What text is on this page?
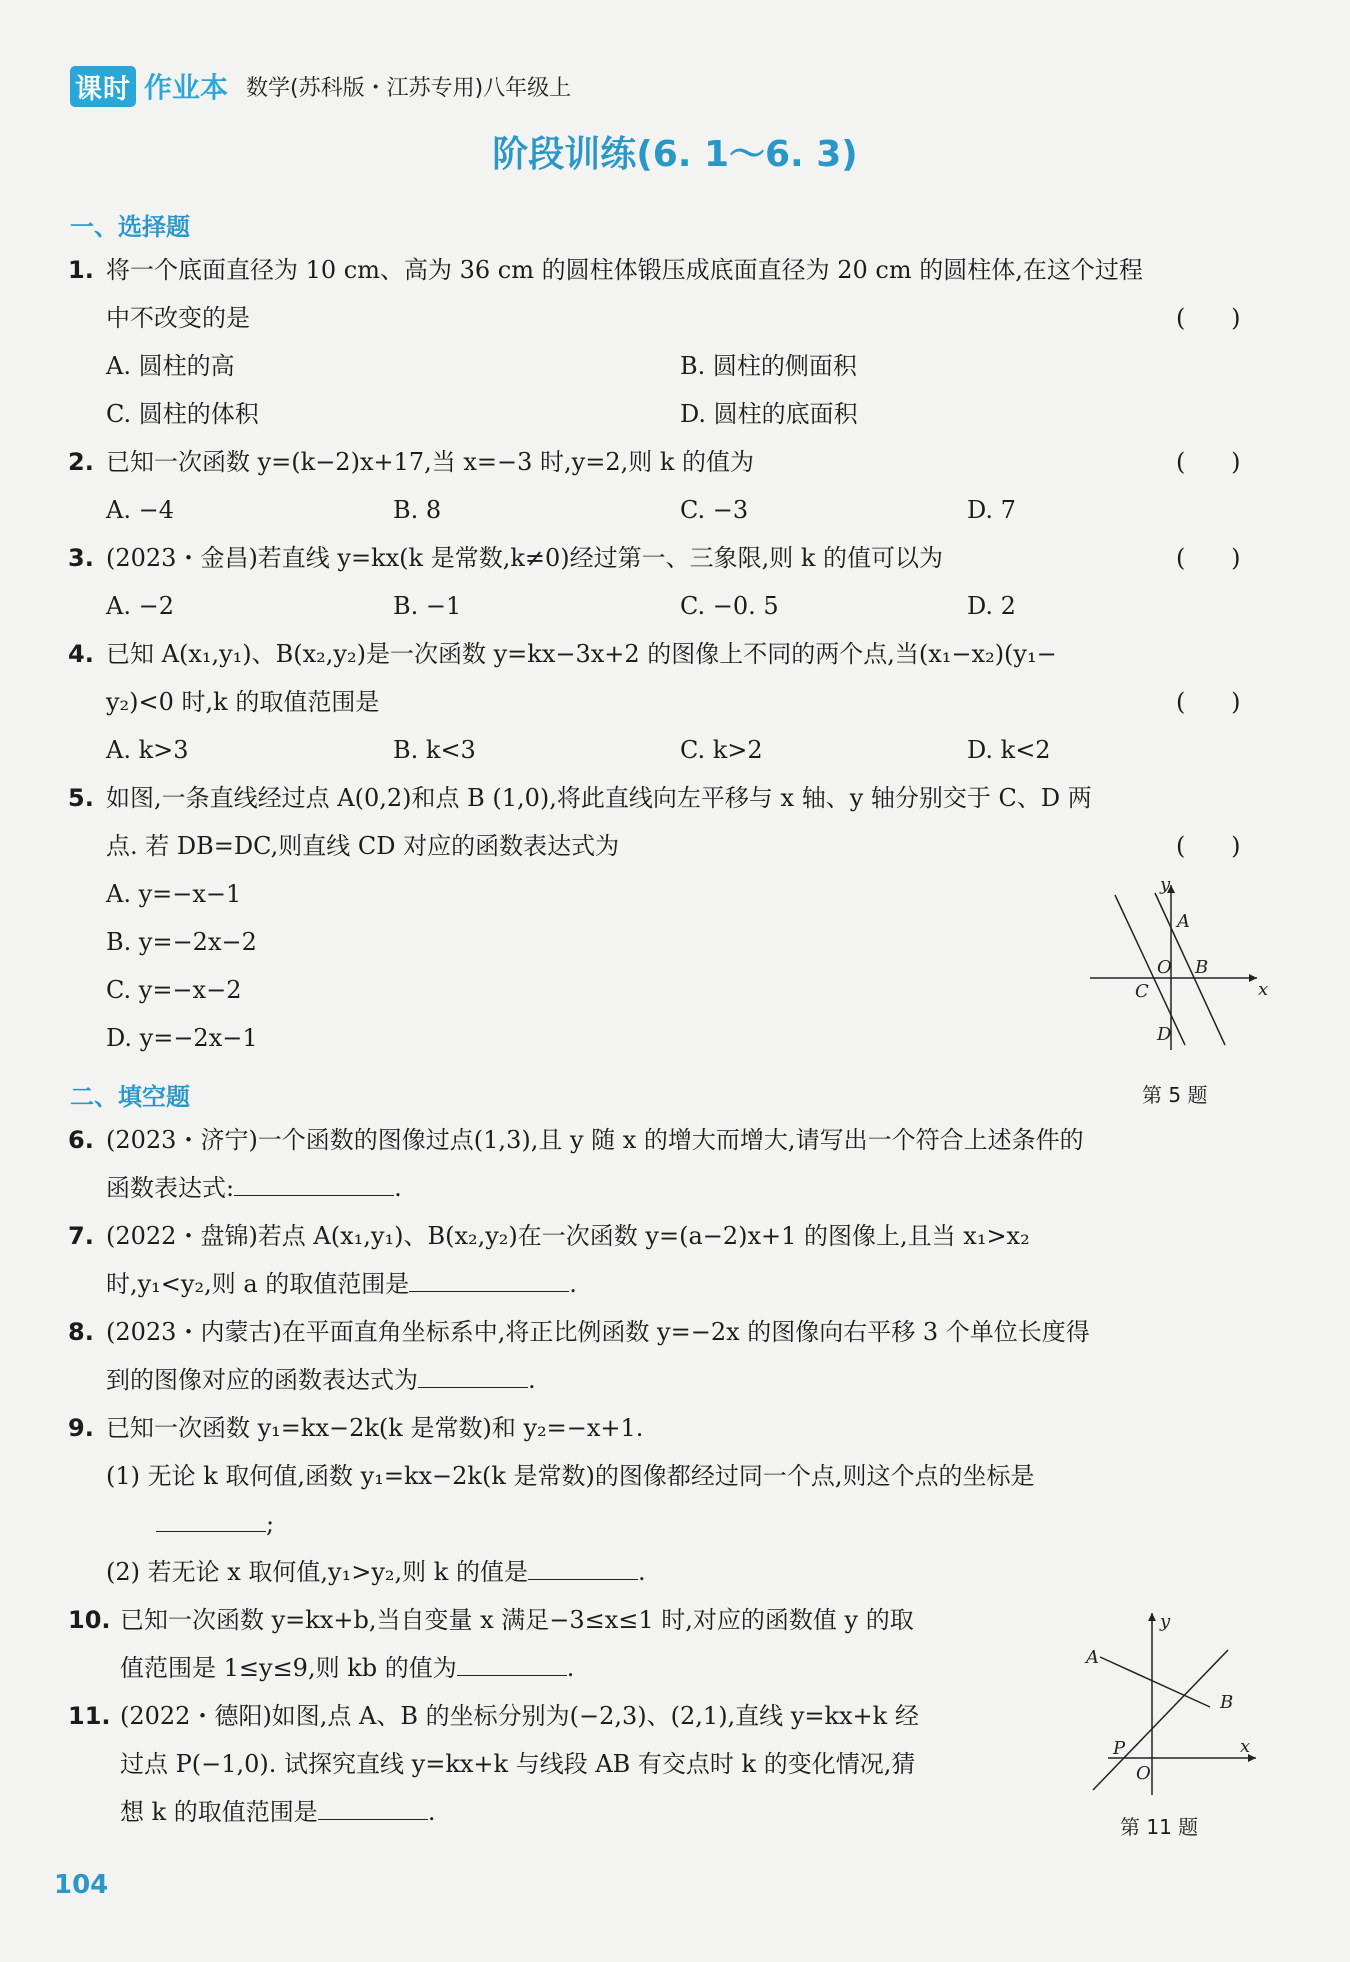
课时 作业本 数学(苏科版・江苏专用)八年级上
阶段训练(6. 1～6. 3)
一、选择题
1. 将一个底面直径为 10 cm、高为 36 cm 的圆柱体锻压成底面直径为 20 cm 的圆柱体,在这个过程
中不改变的是	(      )
A. 圆柱的高	B. 圆柱的侧面积
C. 圆柱的体积	D. 圆柱的底面积
2. 已知一次函数 y=(k−2)x+17,当 x=−3 时,y=2,则 k 的值为	(      )
A. −4	B. 8	C. −3	D. 7
3. (2023・金昌)若直线 y=kx(k 是常数,k≠0)经过第一、三象限,则 k 的值可以为	(      )
A. −2	B. −1	C. −0. 5	D. 2
4. 已知 A(x₁,y₁)、B(x₂,y₂)是一次函数 y=kx−3x+2 的图像上不同的两个点,当(x₁−x₂)(y₁−
y₂)<0 时,k 的取值范围是	(      )
A. k>3	B. k<3	C. k>2	D. k<2
5. 如图,一条直线经过点 A(0,2)和点 B (1,0),将此直线向左平移与 x 轴、y 轴分别交于 C、D 两
点. 若 DB=DC,则直线 CD 对应的函数表达式为	(      )
A. y=−x−1
B. y=−2x−2
C. y=−x−2
D. y=−2x−1
y
x
A
B
O
C
D
第 5 题
二、填空题
6. (2023・济宁)一个函数的图像过点(1,3),且 y 随 x 的增大而增大,请写出一个符合上述条件的
函数表达式:	.
7. (2022・盘锦)若点 A(x₁,y₁)、B(x₂,y₂)在一次函数 y=(a−2)x+1 的图像上,且当 x₁>x₂
时,y₁<y₂,则 a 的取值范围是	.
8. (2023・内蒙古)在平面直角坐标系中,将正比例函数 y=−2x 的图像向右平移 3 个单位长度得
到的图像对应的函数表达式为	.
9. 已知一次函数 y₁=kx−2k(k 是常数)和 y₂=−x+1.
(1) 无论 k 取何值,函数 y₁=kx−2k(k 是常数)的图像都经过同一个点,则这个点的坐标是
;
(2) 若无论 x 取何值,y₁>y₂,则 k 的值是	.
10. 已知一次函数 y=kx+b,当自变量 x 满足−3≤x≤1 时,对应的函数值 y 的取
值范围是 1≤y≤9,则 kb 的值为	.
11. (2022・德阳)如图,点 A、B 的坐标分别为(−2,3)、(2,1),直线 y=kx+k 经
过点 P(−1,0). 试探究直线 y=kx+k 与线段 AB 有交点时 k 的变化情况,猜
想 k 的取值范围是	.
y
x
A
B
O
P
第 11 题
104
